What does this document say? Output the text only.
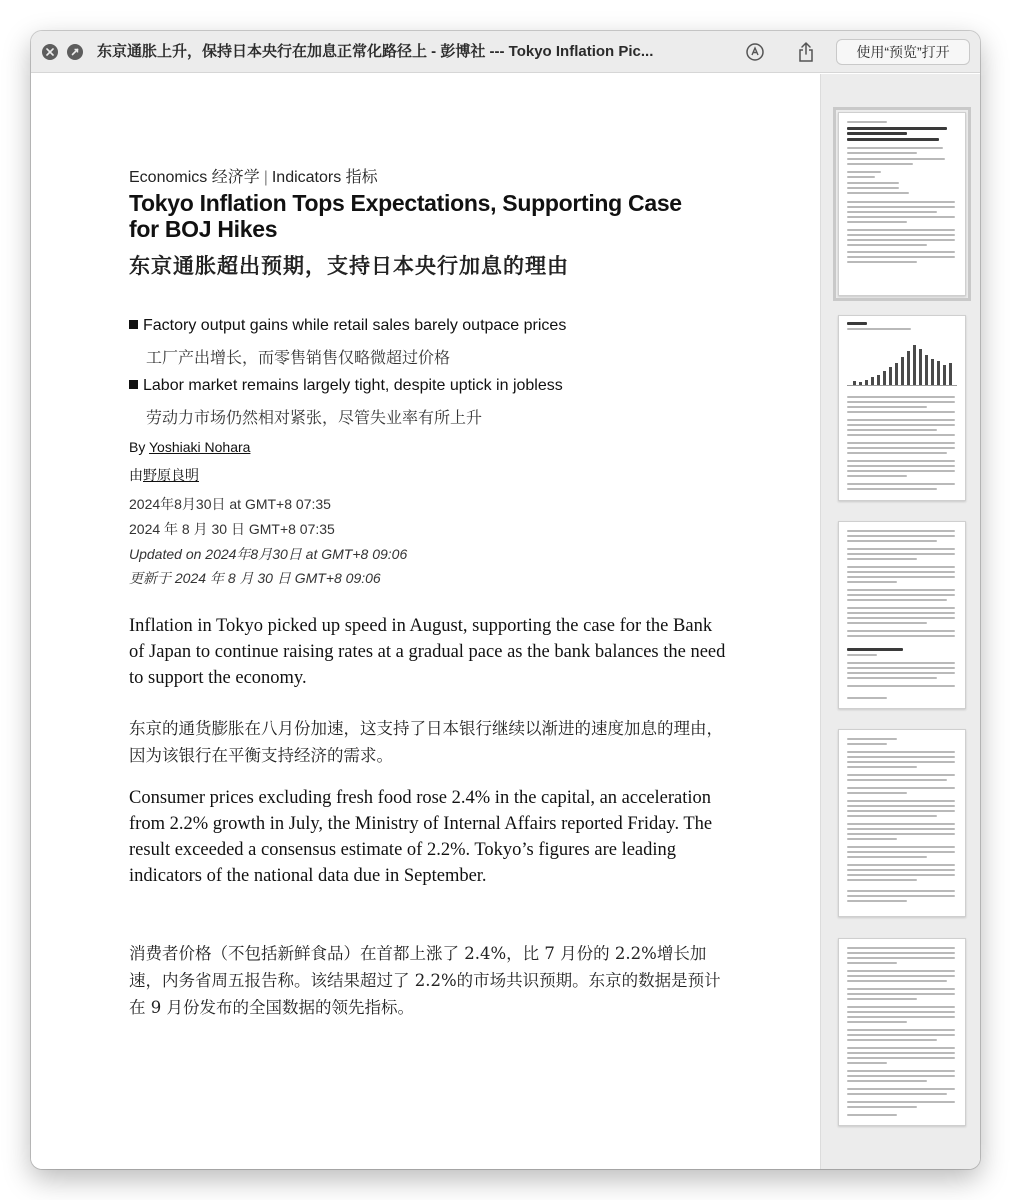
东京通胀上升，保持日本央行在加息正常化路径上 - 彭博社 --- Tokyo Inflation Pic...	使用“预览”打开
Economics 经济学 | Indicators 指标
Tokyo Inflation Tops Expectations, Supporting Case for BOJ Hikes
东京通胀超出预期，支持日本央行加息的理由
Factory output gains while retail sales barely outpace prices
工厂产出增长，而零售销售仅略微超过价格
Labor market remains largely tight, despite uptick in jobless
劳动力市场仍然相对紧张，尽管失业率有所上升
By Yoshiaki Nohara
由野原良明
2024年8月30日 at GMT+8 07:35
2024 年 8 月 30 日 GMT+8 07:35
Updated on 2024年8月30日 at GMT+8 09:06
更新于 2024 年 8 月 30 日 GMT+8 09:06
Inflation in Tokyo picked up speed in August, supporting the case for the Bank of Japan to continue raising rates at a gradual pace as the bank balances the need to support the economy.
东京的通货膨胀在八月份加速，这支持了日本银行继续以渐进的速度加息的理由，因为该银行在平衡支持经济的需求。
Consumer prices excluding fresh food rose 2.4% in the capital, an acceleration from 2.2% growth in July, the Ministry of Internal Affairs reported Friday. The result exceeded a consensus estimate of 2.2%. Tokyo’s figures are leading indicators of the national data due in September.
消费者价格（不包括新鲜食品）在首都上涨了 2.4%，比 7 月份的 2.2%增长加速，内务省周五报告称。该结果超过了 2.2%的市场共识预期。东京的数据是预计在 9 月份发布的全国数据的领先指标。
